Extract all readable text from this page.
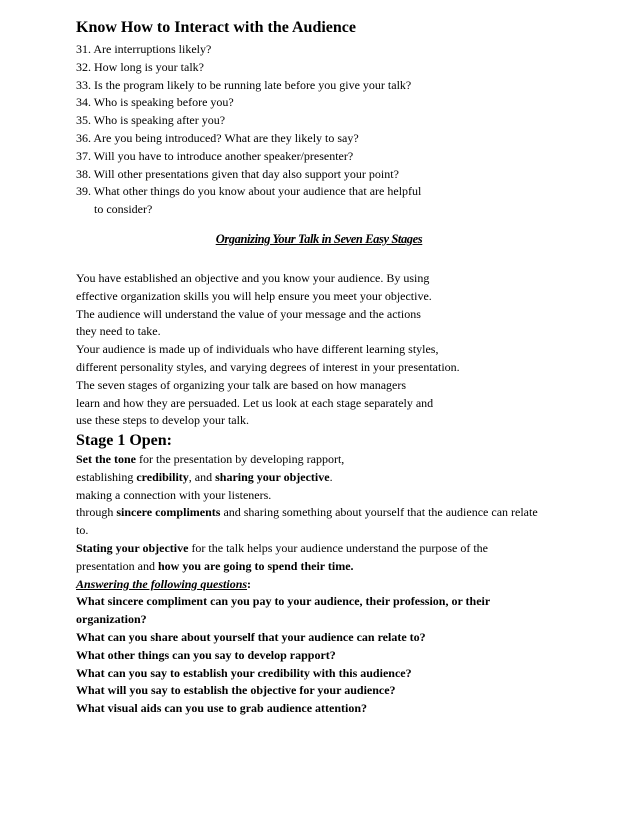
Know How to Interact with the Audience
31. Are interruptions likely?
32. How long is your talk?
33. Is the program likely to be running late before you give your talk?
34. Who is speaking before you?
35. Who is speaking after you?
36. Are you being introduced? What are they likely to say?
37. Will you have to introduce another speaker/presenter?
38. Will other presentations given that day also support your point?
39. What other things do you know about your audience that are helpful
to consider?
Organizing Your Talk in Seven Easy Stages
You have established an objective and you know your audience. By using
effective organization skills you will help ensure you meet your objective.
The audience will understand the value of your message and the actions
they need to take.
Your audience is made up of individuals who have different learning styles,
different personality styles, and varying degrees of interest in your presentation.
The seven stages of organizing your talk are based on how managers
learn and how they are persuaded. Let us look at each stage separately and
use these steps to develop your talk.
Stage 1 Open:
Set the tone for the presentation by developing rapport,
establishing credibility, and sharing your objective.
making a connection with your listeners.
through sincere compliments and sharing something about yourself that the audience can relate
to.
Stating your objective for the talk helps your audience understand the purpose of the
presentation and how you are going to spend their time.
Answering the following questions:
What sincere compliment can you pay to your audience, their profession, or their
organization?
What can you share about yourself that your audience can relate to?
What other things can you say to develop rapport?
What can you say to establish your credibility with this audience?
What will you say to establish the objective for your audience?
What visual aids can you use to grab audience attention?
